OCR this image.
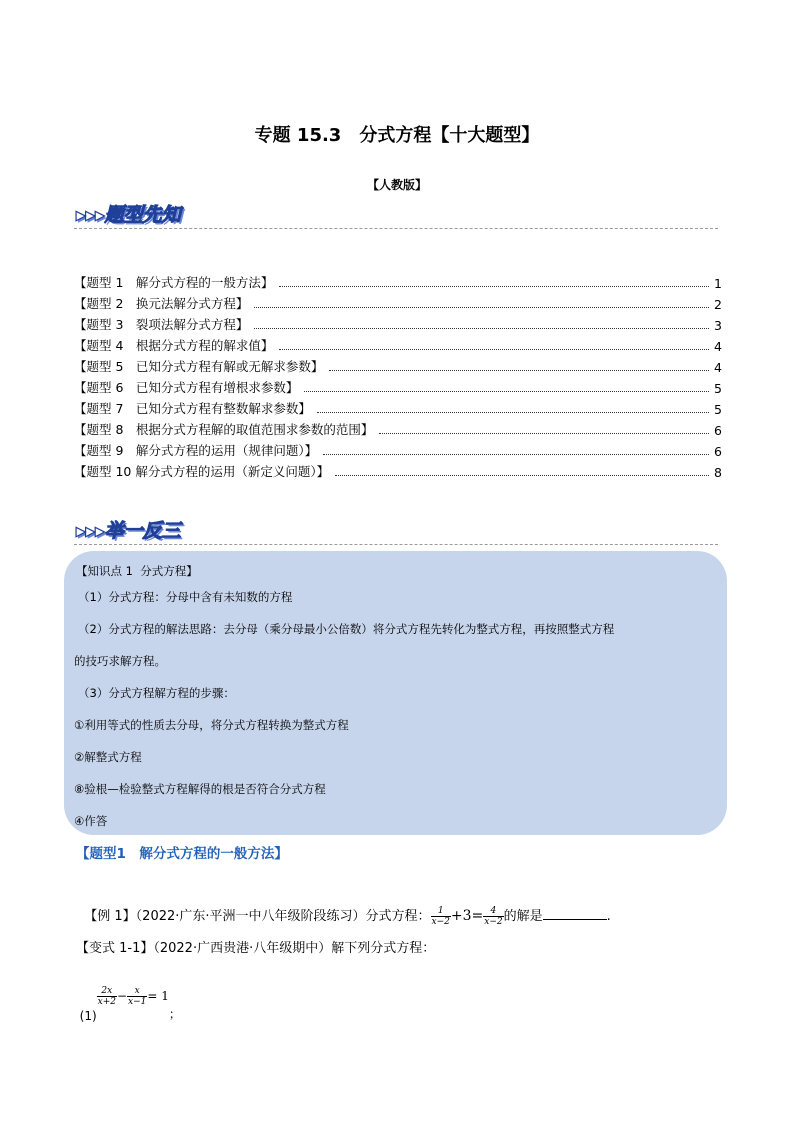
专题 15.3　分式方程【十大题型】
【人教版】
▸▸▸题型先知
【题型 1　解分式方程的一般方法】	1
【题型 2　换元法解分式方程】	2
【题型 3　裂项法解分式方程】	3
【题型 4　根据分式方程的解求值】	4
【题型 5　已知分式方程有解或无解求参数】	4
【题型 6　已知分式方程有增根求参数】	5
【题型 7　已知分式方程有整数解求参数】	5
【题型 8　根据分式方程解的取值范围求参数的范围】	6
【题型 9　解分式方程的运用（规律问题）】	6
【题型 10 解分式方程的运用（新定义问题）】	8
▸▸▸举一反三
【知识点 1  分式方程】
（1）分式方程：分母中含有未知数的方程
（2）分式方程的解法思路：去分母（乘分母最小公倍数）将分式方程先转化为整式方程，再按照整式方程
的技巧求解方程。
（3）分式方程解方程的步骤：
①利用等式的性质去分母，将分式方程转换为整式方程
②解整式方程
⑧验根—检验整式方程解得的根是否符合分式方程
④作答
【题型1　解分式方程的一般方法】

【例 1】（2022·广东·平洲一中八年级阶段练习）分式方程： $\frac{1}{x-2} +3= \frac{4}{x-2}$ 的解是	.

【变式 1-1】（2022·广西贵港·八年级期中）解下列分式方程：

(1)
$\frac{2x}{x+2} - \frac{x}{x-1} = 1$；
